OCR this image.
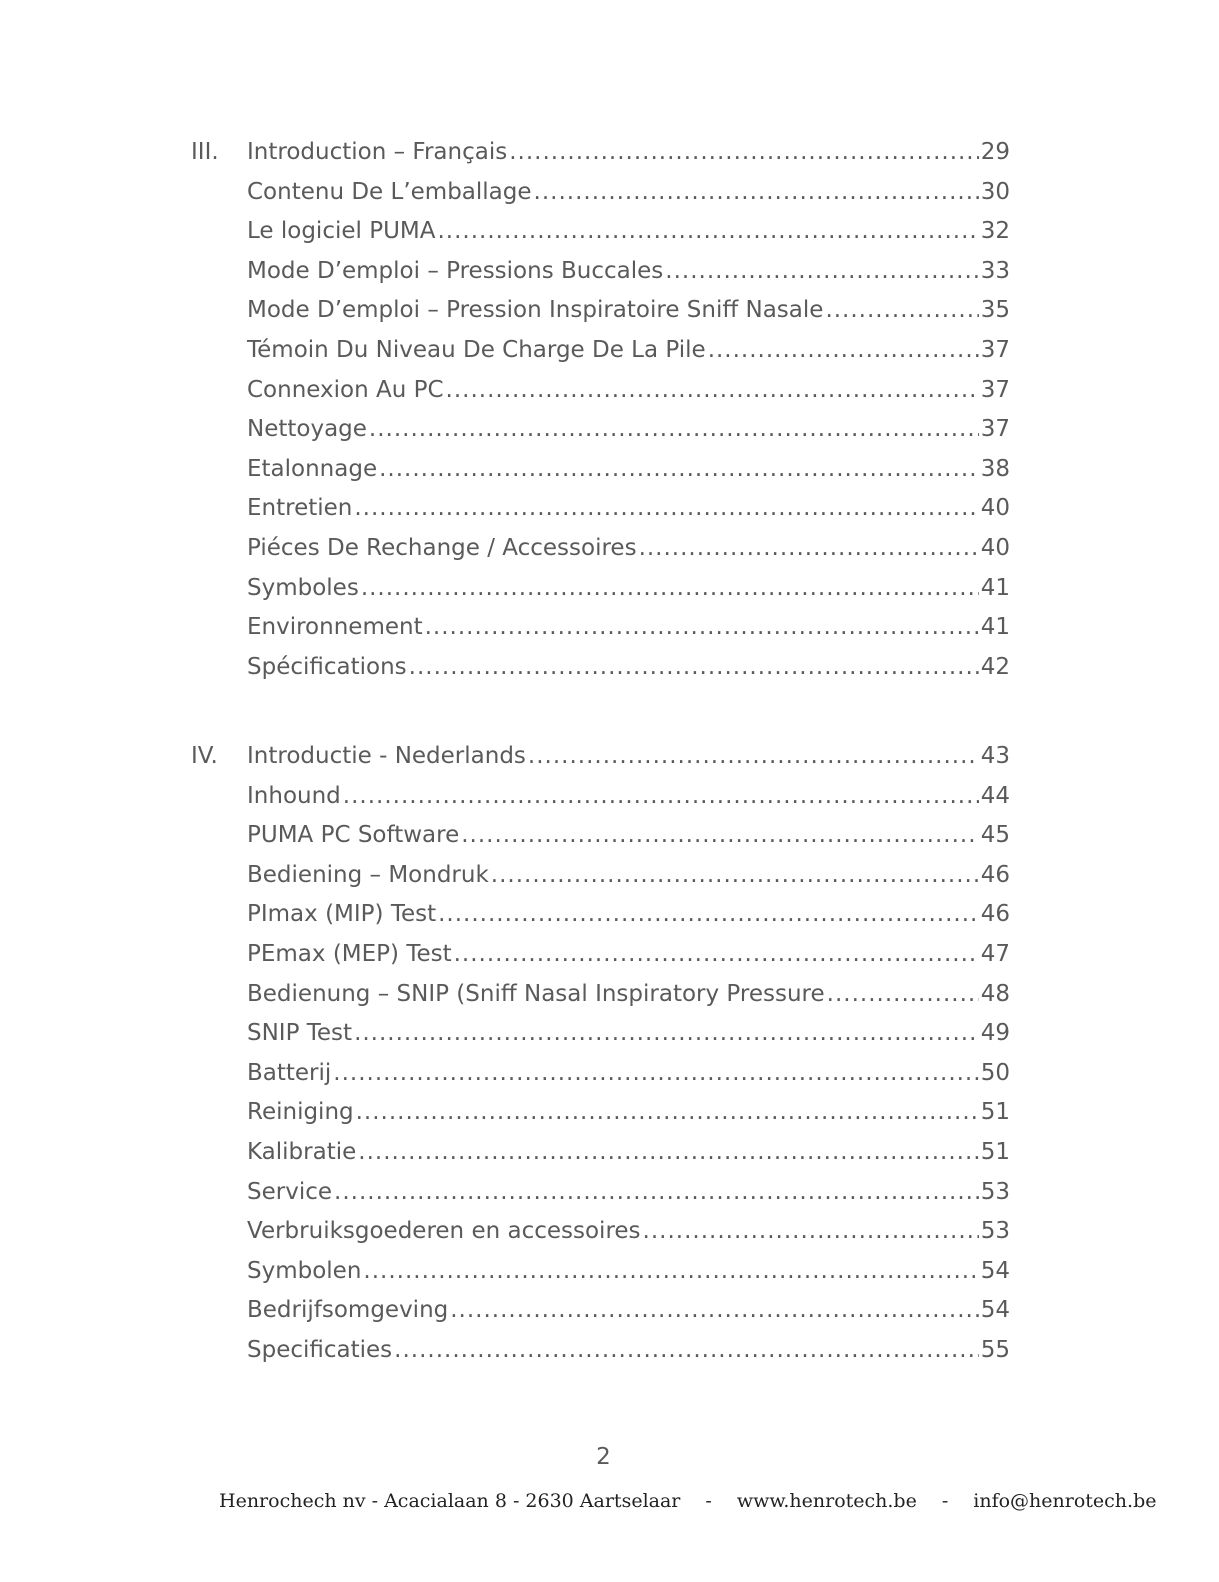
III. Introduction – Français .....	29
Contenu De L’emballage .....	30
Le logiciel PUMA .....	32
Mode D’emploi – Pressions Buccales .....	33
Mode D’emploi – Pression Inspiratoire Sniff Nasale .....	35
Témoin Du Niveau De Charge De La Pile .....	37
Connexion Au PC .....	37
Nettoyage .....	37
Etalonnage .....	38
Entretien .....	40
Piéces De Rechange / Accessoires .....	40
Symboles .....	41
Environnement .....	41
Spécifications .....	42
IV. Introductie - Nederlands .....	43
Inhound .....	44
PUMA PC Software .....	45
Bediening – Mondruk .....	46
PImax (MIP) Test .....	46
PEmax (MEP) Test .....	47
Bedienung – SNIP (Sniff Nasal Inspiratory Pressure .....	48
SNIP Test .....	49
Batterij .....	50
Reiniging .....	51
Kalibratie .....	51
Service .....	53
Verbruiksgoederen en accessoires .....	53
Symbolen .....	54
Bedrijfsomgeving .....	54
Specificaties .....	55
2
Henrochech nv - Acacialaan 8 - 2630 Aartselaar - www.henrotech.be - info@henrotech.be
